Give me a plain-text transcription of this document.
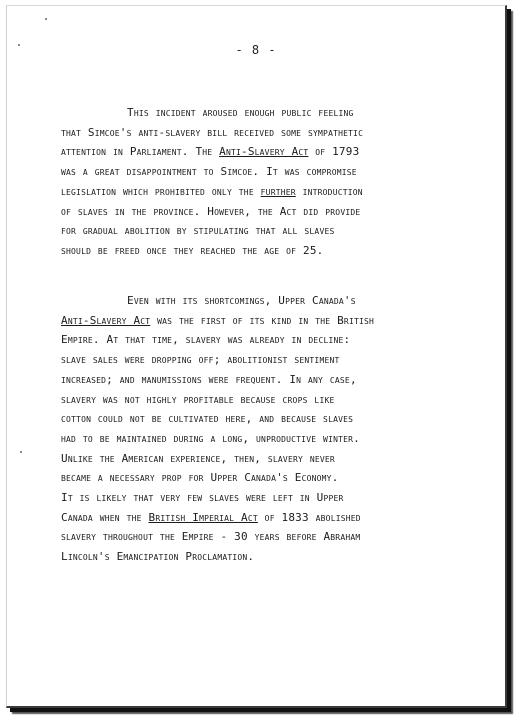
- 8 -
This incident aroused enough public feeling
that Simcoe's anti-slavery bill received some sympathetic
attention in Parliament. The Anti-Slavery Act of 1793
was a great disappointment to Simcoe. It was compromise
legislation which prohibited only the further introduction
of slaves in the province. However, the Act did provide
for gradual abolition by stipulating that all slaves
should be freed once they reached the age of 25.
Even with its shortcomings, Upper Canada's
Anti-Slavery Act was the first of its kind in the British
Empire. At that time, slavery was already in decline:
slave sales were dropping off; abolitionist sentiment
increased; and manumissions were frequent. In any case,
slavery was not highly profitable because crops like
cotton could not be cultivated here, and because slaves
had to be maintained during a long, unproductive winter.
Unlike the American experience, then, slavery never
became a necessary prop for Upper Canada's Economy.
It is likely that very few slaves were left in Upper
Canada when the British Imperial Act of 1833 abolished
slavery throughout the Empire - 30 years before Abraham
Lincoln's Emancipation Proclamation.
